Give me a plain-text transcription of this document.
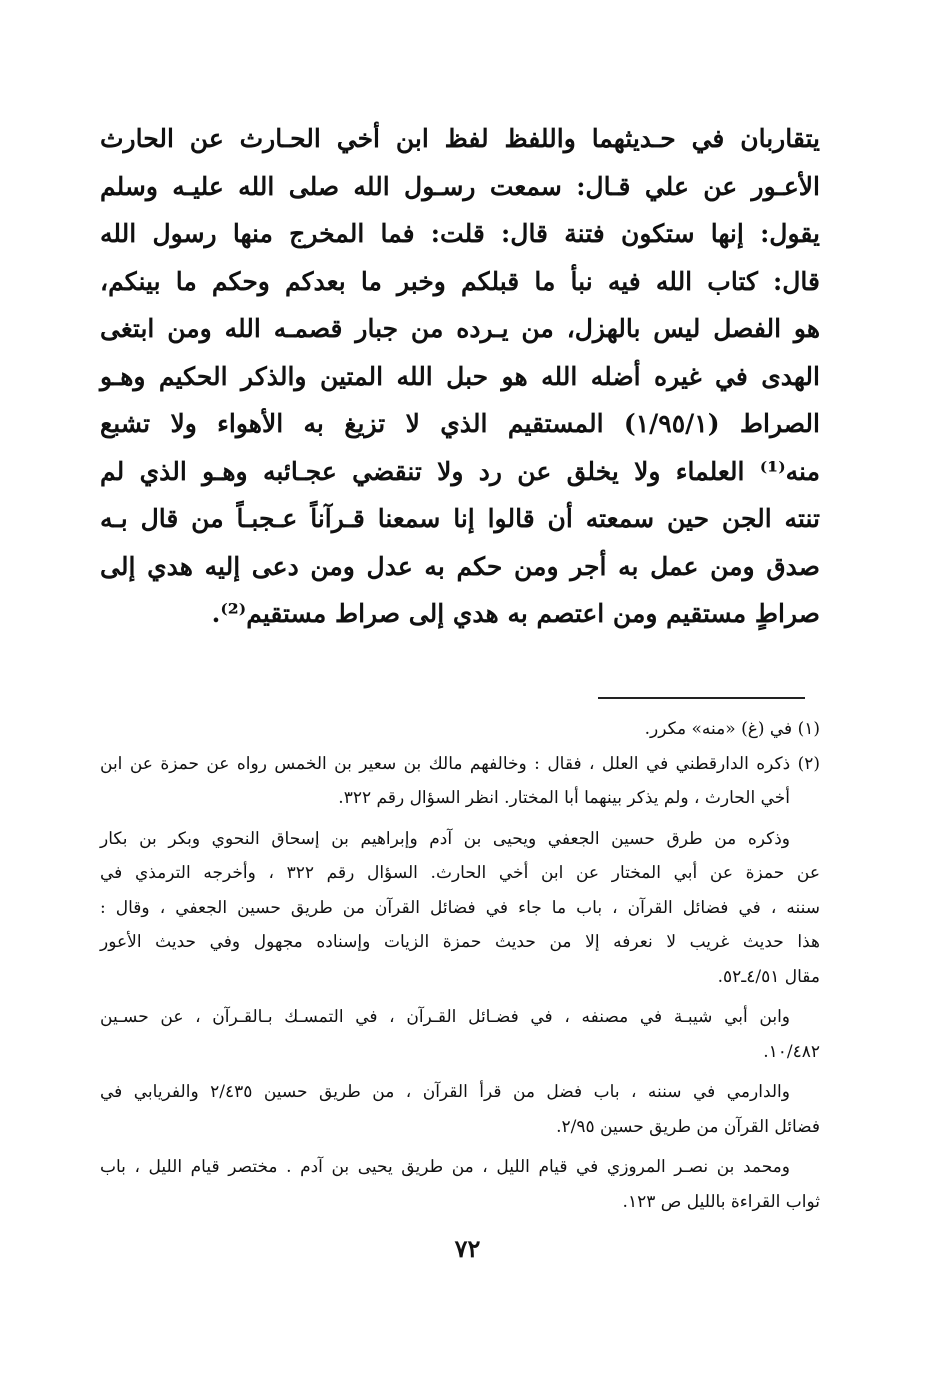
يتقاربان في حـديثهما واللفظ لفظ ابن أخي الحـارث عن الحارث
الأعـور عن علي قـال: سمعت رسـول الله صلى الله عليـه وسلم
يقول: إنها ستكون فتنة قال: قلت: فما المخرج منها رسول الله
قال: كتاب الله فيه نبأ ما قبلكم وخبر ما بعدكم وحكم ما بينكم،
هو الفصل ليس بالهزل، من يـرده من جبار قصمـه الله ومن ابتغى
الهدى في غيره أضله الله هو حبل الله المتين والذكر الحكيم وهـو
الصراط (١/٩٥/١) المستقيم الذي لا تزيغ به الأهواء ولا تشبع
منه⁽¹⁾ العلماء ولا يخلق عن رد ولا تنقضي عجـائبه وهـو الذي لم
تنته الجن حين سمعته أن قالوا إنا سمعنا قـرآناً عـجبـاً من قال بـه
صدق ومن عمل به أجر ومن حكم به عدل ومن دعى إليه هدي إلى
صراطٍ مستقيم ومن اعتصم به هدي إلى صراط مستقيم⁽²⁾.
(١) في (غ) «منه» مكرر.
(٢) ذكره الدارقطني في العلل ، فقال : وخالفهم مالك بن سعير بن الخمس رواه عن حمزة عن ابن
أخي الحارث ، ولم يذكر بينهما أبا المختار. انظر السؤال رقم ٣٢٢.
وذكره من طرق حسين الجعفي ويحيى بن آدم وإبراهيم بن إسحاق النحوي وبكر بن بكار
عن حمزة عن أبي المختار عن ابن أخي الحارث. السؤال رقم ٣٢٢ ، وأخرجه الترمذي في
سننه ، في فضائل القرآن ، باب ما جاء في فضائل القرآن من طريق حسين الجعفي ، وقال :
هذا حديث غريب لا نعرفه إلا من حديث حمزة الزيات وإسناده مجهول وفي حديث الأعور
مقال ٤/٥١ـ٥٢.
وابن أبي شيبـة في مصنفه ، في فضـائل القـرآن ، في التمسـك بـالقـرآن ، عن حسـين
١٠/٤٨٢.
والدارمي في سننه ، باب فضل من قرأ القرآن ، من طريق حسين ٢/٤٣٥ والفريابي في
فضائل القرآن من طريق حسين ٢/٩٥.
ومحمد بن نصـر المروزي في قيام الليل ، من طريق يحيى بن آدم . مختصر قيام الليل ، باب
ثواب القراءة بالليل ص ١٢٣.
٧٢
